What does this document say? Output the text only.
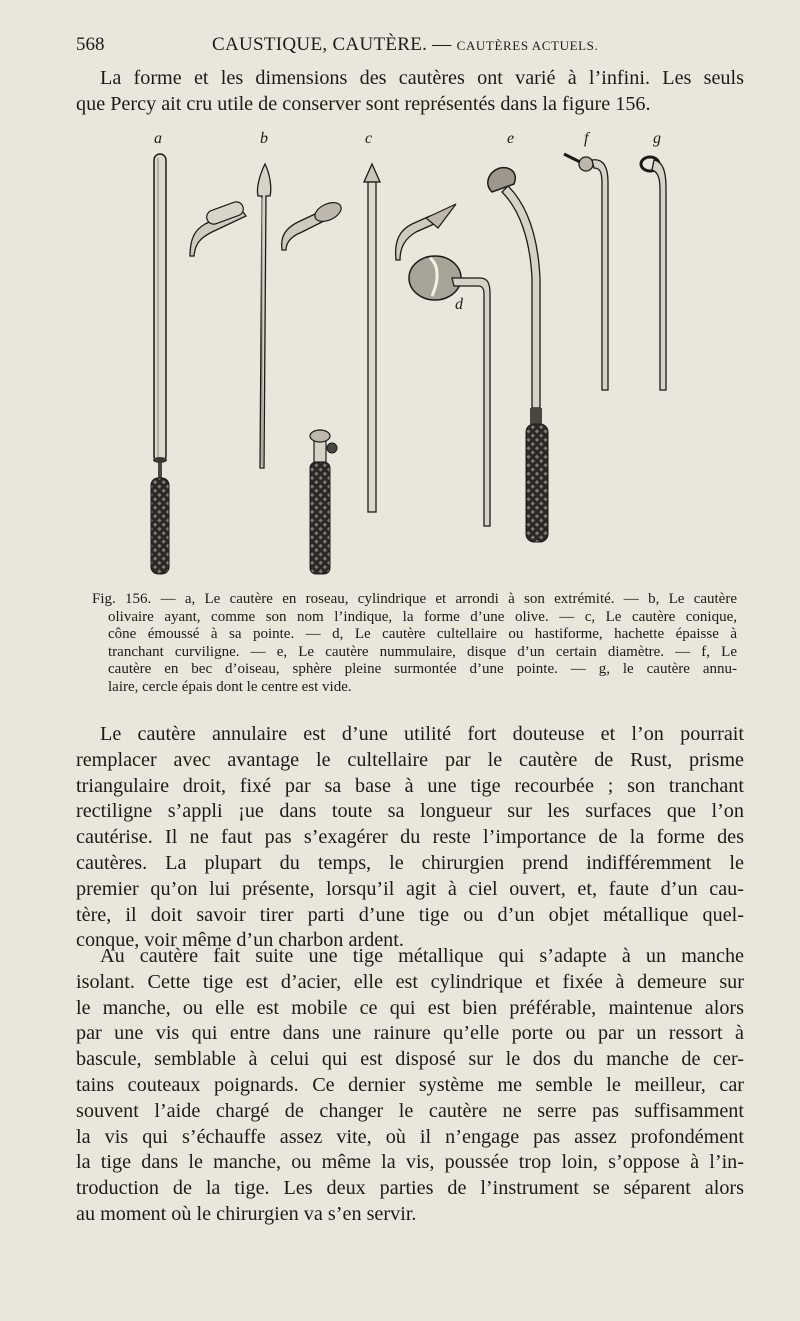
568	CAUSTIQUE, CAUTÈRE. — CAUTÈRES ACTUELS.
La forme et les dimensions des cautères ont varié à l’infini. Les seuls
que Percy ait cru utile de conserver sont représentés dans la figure 156.
a	b	c	e	f	g
d
Fig. 156. — a, Le cautère en roseau, cylindrique et arrondi à son extrémité. — b, Le cautère
olivaire ayant, comme son nom l’indique, la forme d’une olive. — c, Le cautère conique,
cône émoussé à sa pointe. — d, Le cautère cultellaire ou hastiforme, hachette épaisse à
tranchant curviligne. — e, Le cautère nummulaire, disque d’un certain diamètre. — f, Le
cautère en bec d’oiseau, sphère pleine surmontée d’une pointe. — g, le cautère annu-
laire, cercle épais dont le centre est vide.
Le cautère annulaire est d’une utilité fort douteuse et l’on pourrait
remplacer avec avantage le cultellaire par le cautère de Rust, prisme
triangulaire droit, fixé par sa base à une tige recourbée ; son tranchant
rectiligne s’appli ¡ue dans toute sa longueur sur les surfaces que l’on
cautérise. Il ne faut pas s’exagérer du reste l’importance de la forme des
cautères. La plupart du temps, le chirurgien prend indifféremment le
premier qu’on lui présente, lorsqu’il agit à ciel ouvert, et, faute d’un cau-
tère, il doit savoir tirer parti d’une tige ou d’un objet métallique quel-
conque, voir même d’un charbon ardent.
Au cautère fait suite une tige métallique qui s’adapte à un manche
isolant. Cette tige est d’acier, elle est cylindrique et fixée à demeure sur
le manche, ou elle est mobile ce qui est bien préférable, maintenue alors
par une vis qui entre dans une rainure qu’elle porte ou par un ressort à
bascule, semblable à celui qui est disposé sur le dos du manche de cer-
tains couteaux poignards. Ce dernier système me semble le meilleur, car
souvent l’aide chargé de changer le cautère ne serre pas suffisamment
la vis qui s’échauffe assez vite, où il n’engage pas assez profondément
la tige dans le manche, ou même la vis, poussée trop loin, s’oppose à l’in-
troduction de la tige. Les deux parties de l’instrument se séparent alors
au moment où le chirurgien va s’en servir.
